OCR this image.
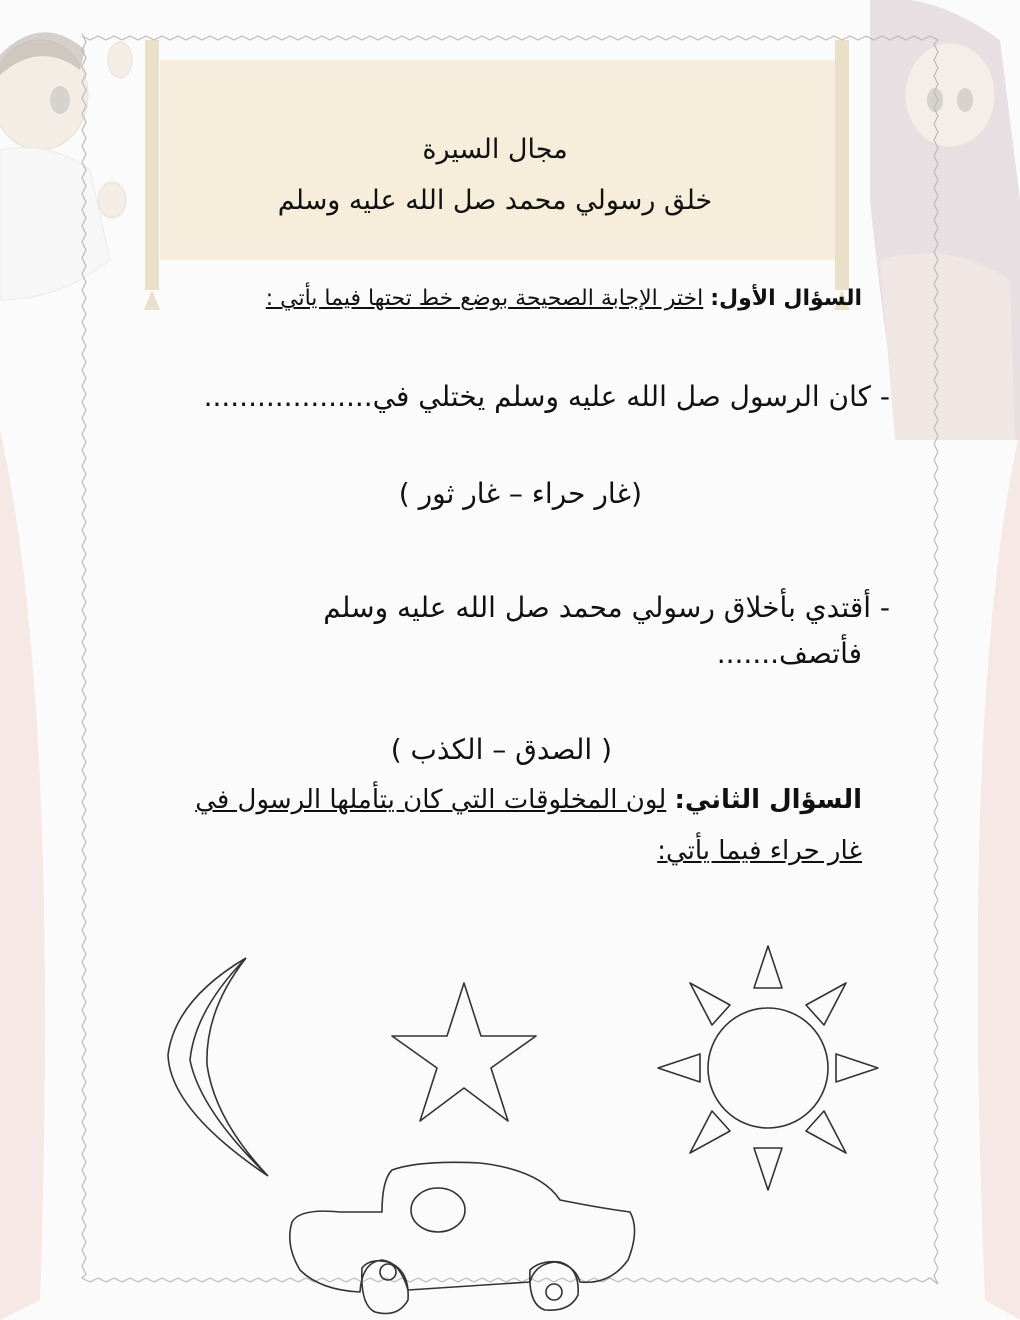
مجال السيرة
خلق رسولي محمد صل الله عليه وسلم
السؤال الأول: اختر الإجابة الصحيحة بوضع خط تحتها فيما يأتي :
- كان الرسول صل الله عليه وسلم يختلي في...................
(غار حراء – غار ثور )
- أقتدي بأخلاق رسولي محمد صل الله عليه وسلم
فأتصف.......
( الصدق – الكذب )
السؤال الثاني: لون المخلوقات التي كان يتأملها الرسول في
غار حراء فيما يأتي:
